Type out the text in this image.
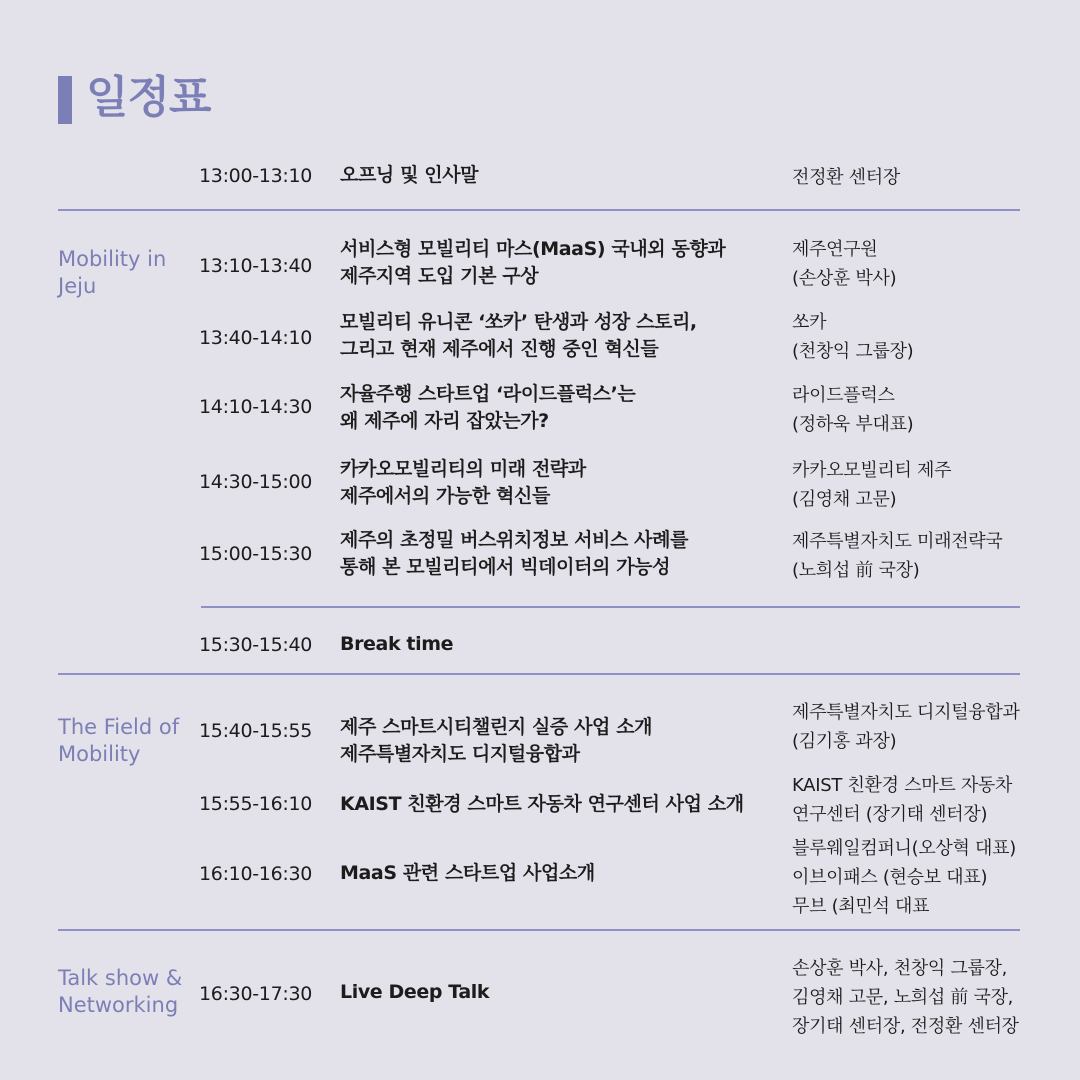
일정표

Mobility in
Jeju

The Field of
Mobility

Talk show &
Networking

13:00-13:10 오프닝 및 인사말	전정환 센터장
13:10-13:40
서비스형 모빌리티 마스(MaaS) 국내외 동향과
제주지역 도입 기본 구상
제주연구원
(손상훈 박사)
13:40-14:10
모빌리티 유니콘 ‘쏘카’ 탄생과 성장 스토리,
그리고 현재 제주에서 진행 중인 혁신들
쏘카
(천창익 그룹장)
14:10-14:30
자율주행 스타트업 ‘라이드플럭스’는
왜 제주에 자리 잡았는가?
라이드플럭스
(정하욱 부대표)
14:30-15:00
카카오모빌리티의 미래 전략과
제주에서의 가능한 혁신들
카카오모빌리티 제주
(김영채 고문)
15:00-15:30
제주의 초정밀 버스위치정보 서비스 사례를
통해 본 모빌리티에서 빅데이터의 가능성
제주특별자치도 미래전략국
(노희섭 前 국장)
15:30-15:40 Break time
15:40-15:55 제주 스마트시티챌린지 실증 사업 소개
제주특별자치도 디지털융합과
제주특별자치도 디지털융합과
(김기홍 과장)
15:55-16:10 KAIST 친환경 스마트 자동차 연구센터 사업 소개
KAIST 친환경 스마트 자동차
연구센터 (장기태 센터장)
16:10-16:30 MaaS 관련 스타트업 사업소개
블루웨일컴퍼니(오상혁 대표)
이브이패스 (현승보 대표)
무브 (최민석 대표
16:30-17:30 Live Deep Talk
손상훈 박사, 천창익 그룹장,
김영채 고문, 노희섭 前 국장,
장기태 센터장, 전정환 센터장
